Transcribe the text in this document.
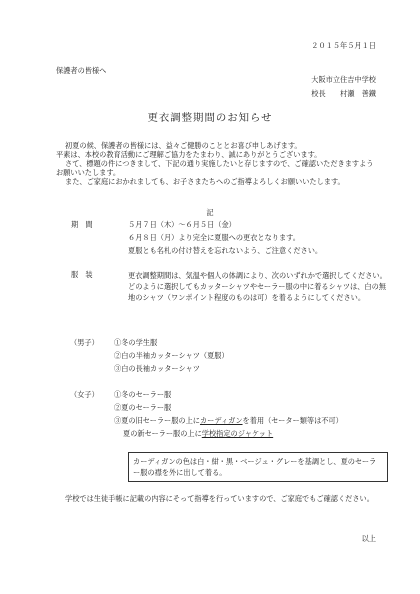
２０１５年５月１日
保護者の皆様へ
大阪市立住吉中学校
校長　　村瀬　善鐵
更衣調整期間のお知らせ

初夏の候、保護者の皆様には、益々ご健勝のこととお喜び申しあげます。

平素は、本校の教育活動にご理解ご協力をたまわり、誠にありがとうございます。

さて、標題の件につきまして、下記の通り実施したいと存じますので、ご確認いただきますようお願いいたします。

また、ご家庭におかれましても、お子さまたちへのご指導よろしくお願いいたします。

記
期　間	５月７日（木）～６月５日（金）
６月８日（月）より完全に夏服への更衣となります。
夏服とも名札の付け替えを忘れないよう、ご注意ください。
服　装	更衣調整期間は、気温や個人の体調により、次のいずれかで選択してください。どのように選択してもカッターシャツやセーラー服の中に着るシャツは、白の無地のシャツ（ワンポイント程度のものは可）を着るようにしてください。
（男子） ①冬の学生服
②白の半袖カッターシャツ（夏服）
③白の長袖カッターシャツ
（女子） ①冬のセーラー服
②夏のセーラー服
③夏の旧セーラー服の上にカーディガンを着用（セーター類等は不可）
夏の新セーラー服の上に学校指定のジャケット
カーディガンの色は白・紺・黒・ベージュ・グレーを基調とし、夏のセーラー服の襟を外に出して着る。
学校では生徒手帳に記載の内容にそって指導を行っていますので、ご家庭でもご確認ください。
以上
